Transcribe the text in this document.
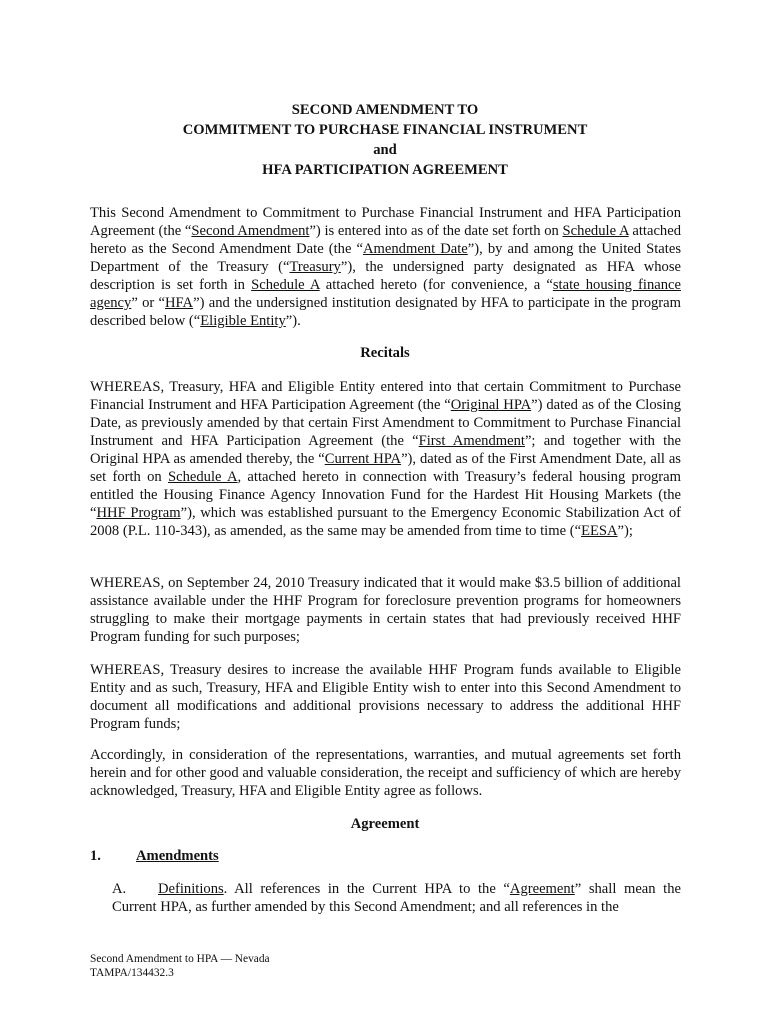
SECOND AMENDMENT TO
COMMITMENT TO PURCHASE FINANCIAL INSTRUMENT
and
HFA PARTICIPATION AGREEMENT
This Second Amendment to Commitment to Purchase Financial Instrument and HFA Participation Agreement (the “Second Amendment”) is entered into as of the date set forth on Schedule A attached hereto as the Second Amendment Date (the “Amendment Date”), by and among the United States Department of the Treasury (“Treasury”), the undersigned party designated as HFA whose description is set forth in Schedule A attached hereto (for convenience, a “state housing finance agency” or “HFA”) and the undersigned institution designated by HFA to participate in the program described below (“Eligible Entity”).
Recitals
WHEREAS, Treasury, HFA and Eligible Entity entered into that certain Commitment to Purchase Financial Instrument and HFA Participation Agreement (the “Original HPA”) dated as of the Closing Date, as previously amended by that certain First Amendment to Commitment to Purchase Financial Instrument and HFA Participation Agreement (the “First Amendment”; and together with the Original HPA as amended thereby, the “Current HPA”), dated as of the First Amendment Date, all as set forth on Schedule A, attached hereto in connection with Treasury’s federal housing program entitled the Housing Finance Agency Innovation Fund for the Hardest Hit Housing Markets (the “HHF Program”), which was established pursuant to the Emergency Economic Stabilization Act of 2008 (P.L. 110-343), as amended, as the same may be amended from time to time (“EESA”);
WHEREAS, on September 24, 2010 Treasury indicated that it would make $3.5 billion of additional assistance available under the HHF Program for foreclosure prevention programs for homeowners struggling to make their mortgage payments in certain states that had previously received HHF Program funding for such purposes;
WHEREAS, Treasury desires to increase the available HHF Program funds available to Eligible Entity and as such, Treasury, HFA and Eligible Entity wish to enter into this Second Amendment to document all modifications and additional provisions necessary to address the additional HHF Program funds;
Accordingly, in consideration of the representations, warranties, and mutual agreements set forth herein and for other good and valuable consideration, the receipt and sufficiency of which are hereby acknowledged, Treasury, HFA and Eligible Entity agree as follows.
Agreement
1. Amendments
A. Definitions. All references in the Current HPA to the “Agreement” shall mean the Current HPA, as further amended by this Second Amendment; and all references in the
Second Amendment to HPA — Nevada
TAMPA/134432.3
